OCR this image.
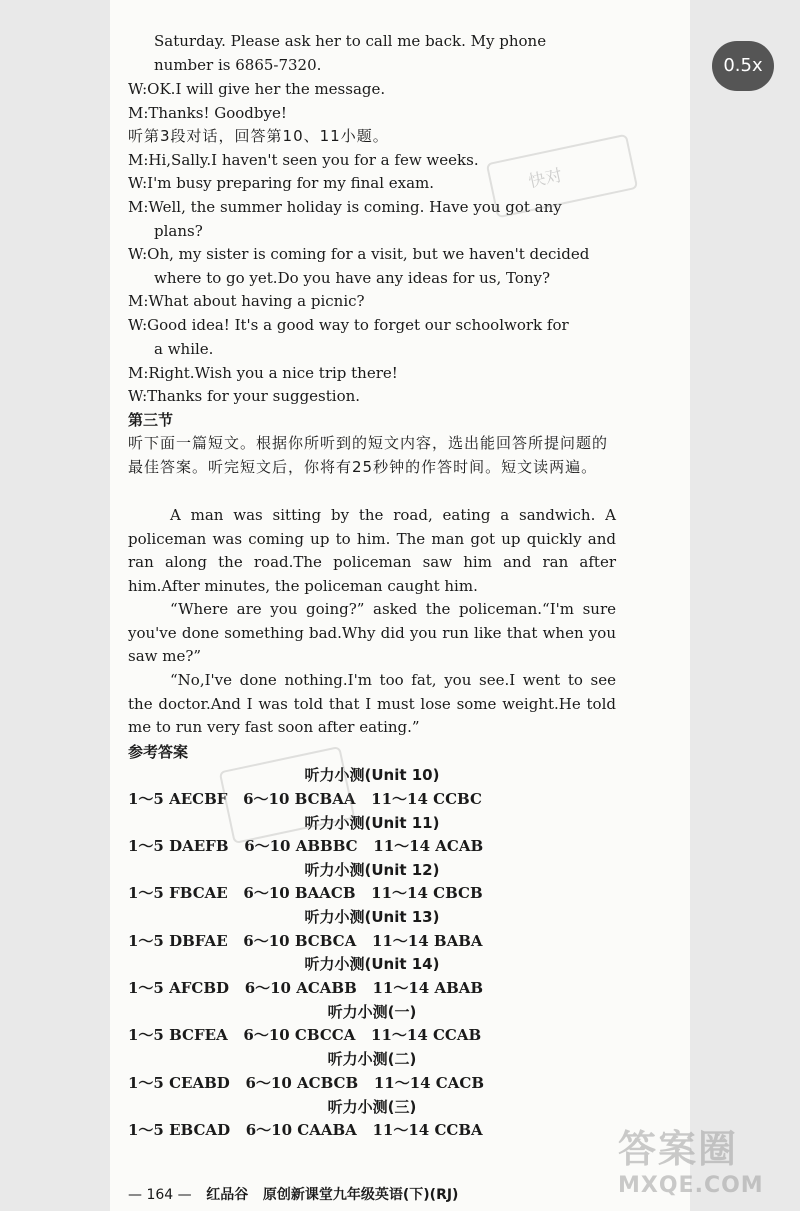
0.5x
Saturday. Please ask her to call me back. My phone
number is 6865-7320.
W:OK.I will give her the message.
M:Thanks! Goodbye!
听第3段对话，回答第10、11小题。
M:Hi,Sally.I haven't seen you for a few weeks.
W:I'm busy preparing for my final exam.
M:Well, the summer holiday is coming. Have you got any
plans?
W:Oh, my sister is coming for a visit, but we haven't decided
where to go yet.Do you have any ideas for us, Tony?
M:What about having a picnic?
W:Good idea! It's a good way to forget our schoolwork for
a while.
M:Right.Wish you a nice trip there!
W:Thanks for your suggestion.
第三节
听下面一篇短文。根据你所听到的短文内容，选出能回答所提问题的最佳答案。听完短文后，你将有25秒钟的作答时间。短文读两遍。
A man was sitting by the road, eating a sandwich. A policeman was coming up to him. The man got up quickly and ran along the road.The policeman saw him and ran after him.After minutes, the policeman caught him.
“Where are you going?” asked the policeman.“I'm sure you've done something bad.Why did you run like that when you saw me?”
“No,I've done nothing.I'm too fat, you see.I went to see the doctor.And I was told that I must lose some weight.He told me to run very fast soon after eating.”
参考答案
听力小测(Unit 10)
1～5 AECBF 6～10 BCBAA 11～14 CCBC
听力小测(Unit 11)
1～5 DAEFB 6～10 ABBBC 11～14 ACAB
听力小测(Unit 12)
1～5 FBCAE 6～10 BAACB 11～14 CBCB
听力小测(Unit 13)
1～5 DBFAE 6～10 BCBCA 11～14 BABA
听力小测(Unit 14)
1～5 AFCBD 6～10 ACABB 11～14 ABAB
听力小测(一)
1～5 BCFEA 6～10 CBCCA 11～14 CCAB
听力小测(二)
1～5 CEABD 6～10 ACBCB 11～14 CACB
听力小测(三)
1～5 EBCAD 6～10 CAABA 11～14 CCBA
— 164 — 红品谷 原创新课堂九年级英语(下)(RJ)
快对
答案圈
MXQE.COM
